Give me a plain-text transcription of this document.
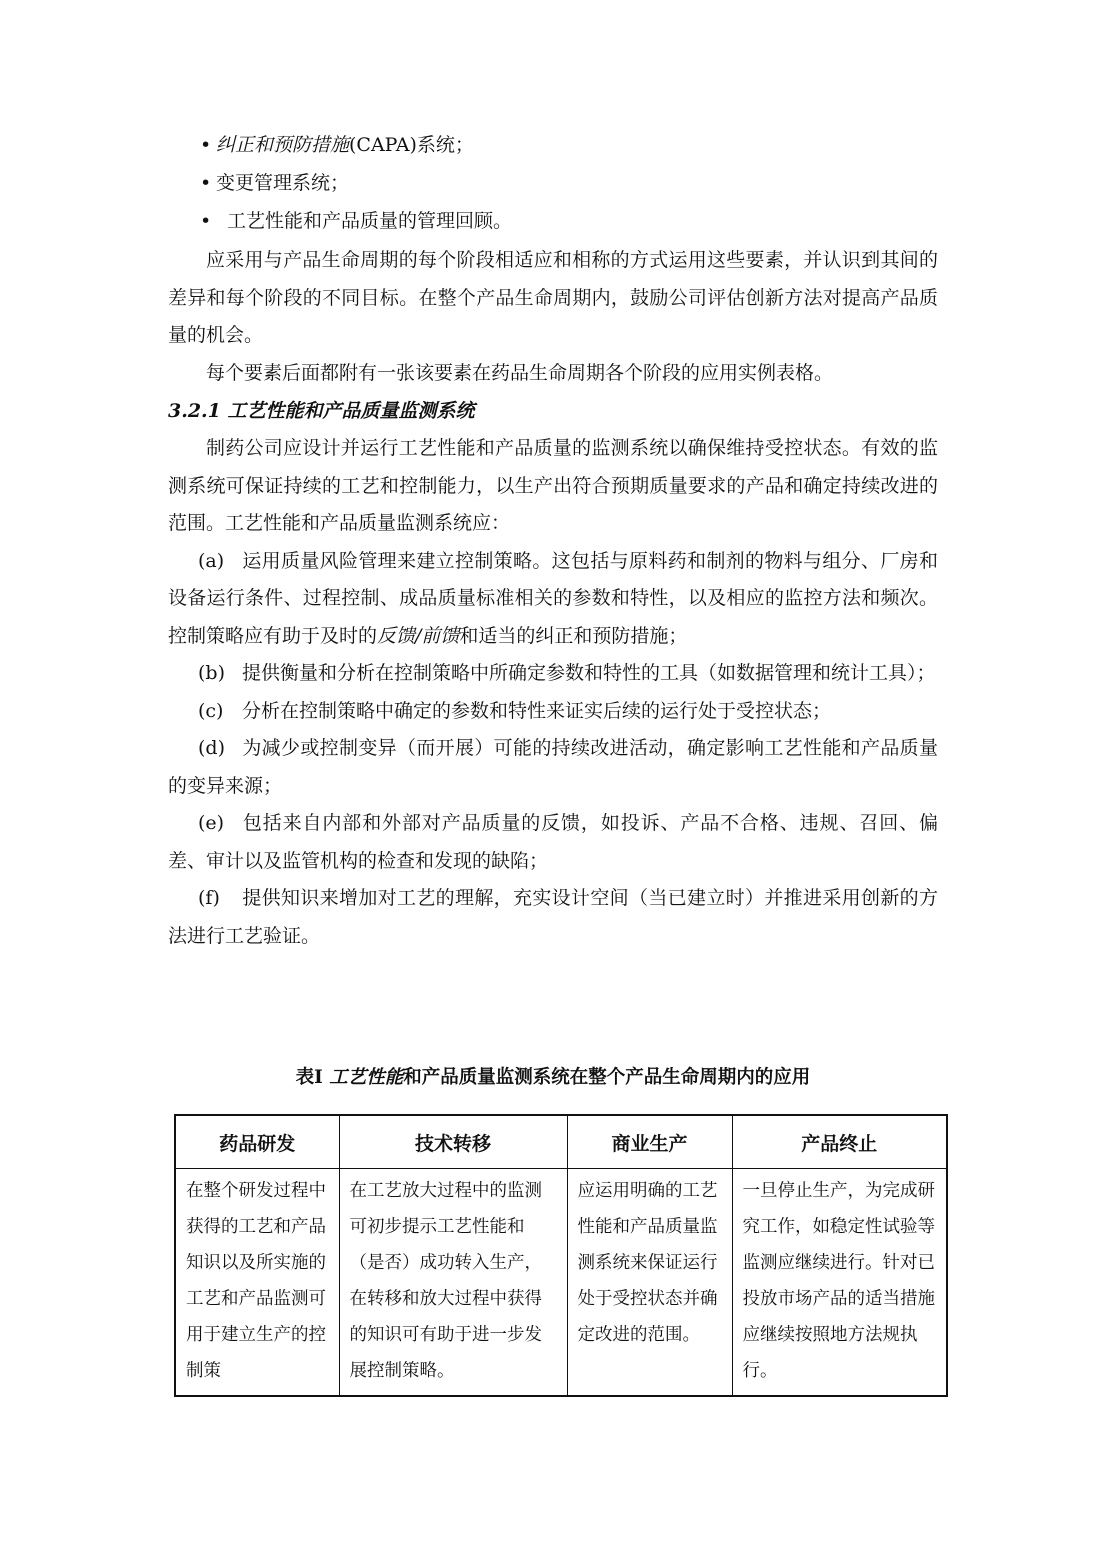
• 纠正和预防措施(CAPA)系统；
• 变更管理系统；
• 工艺性能和产品质量的管理回顾。

应采用与产品生命周期的每个阶段相适应和相称的方式运用这些要素，并认识到其间的差异和每个阶段的不同目标。在整个产品生命周期内，鼓励公司评估创新方法对提高产品质量的机会。

每个要素后面都附有一张该要素在药品生命周期各个阶段的应用实例表格。

3.2.1 工艺性能和产品质量监测系统

制药公司应设计并运行工艺性能和产品质量的监测系统以确保维持受控状态。有效的监测系统可保证持续的工艺和控制能力，以生产出符合预期质量要求的产品和确定持续改进的范围。工艺性能和产品质量监测系统应：

(a) 运用质量风险管理来建立控制策略。这包括与原料药和制剂的物料与组分、厂房和设备运行条件、过程控制、成品质量标准相关的参数和特性，以及相应的监控方法和频次。控制策略应有助于及时的反馈/前馈和适当的纠正和预防措施；

(b) 提供衡量和分析在控制策略中所确定参数和特性的工具（如数据管理和统计工具）；

(c) 分析在控制策略中确定的参数和特性来证实后续的运行处于受控状态；

(d) 为减少或控制变异（而开展）可能的持续改进活动，确定影响工艺性能和产品质量的变异来源；

(e) 包括来自内部和外部对产品质量的反馈，如投诉、产品不合格、违规、召回、偏差、审计以及监管机构的检查和发现的缺陷；

(f) 提供知识来增加对工艺的理解，充实设计空间（当已建立时）并推进采用创新的方法进行工艺验证。

表I 工艺性能和产品质量监测系统在整个产品生命周期内的应用
药品研发	技术转移	商业生产	产品终止
在整个研发过程中获得的工艺和产品知识以及所实施的工艺和产品监测可用于建立生产的控制策	在工艺放大过程中的监测可初步提示工艺性能和（是否）成功转入生产，在转移和放大过程中获得的知识可有助于进一步发展控制策略。	应运用明确的工艺性能和产品质量监测系统来保证运行处于受控状态并确定改进的范围。	一旦停止生产，为完成研究工作，如稳定性试验等监测应继续进行。针对已投放市场产品的适当措施应继续按照地方法规执行。
